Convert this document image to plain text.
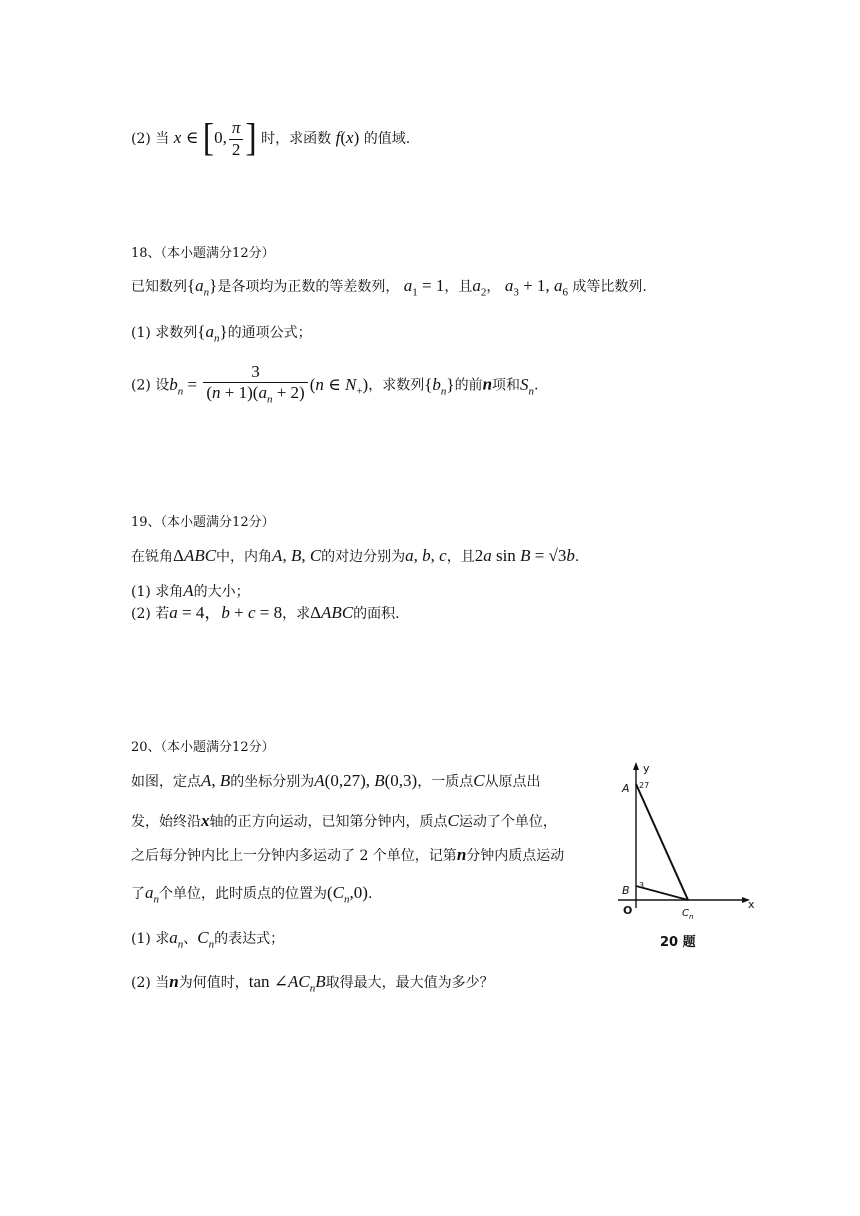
(2) 当 x ∈ [0, $\frac{\pi}{2}$ ] 时，求函数 f(x) 的值域.
18、（本小题满分12分）
已知数列$\{a_n\}$是各项均为正数的等差数列， $a_1 = 1$，且$a_2$， $a_3 + 1$, $a_6$ 成等比数列.
(1) 求数列$\{a_n\}$的通项公式；
(2) 设$b_n = \frac{3}{(n + 1)(a_n + 2)} (n$ ∈ $N_+$)，求数列$\{b_n\}$的前n项和$S_n$.
19、（本小题满分12分）
在锐角ΔABC中，内角A, B, C的对边分别为a, b, c，且2a sin B = √3b.
(1) 求角A的大小；
(2) 若a = 4，b + c = 8，求ΔABC的面积.
20、（本小题满分12分）
如图，定点A, B的坐标分别为A(0,27), B(0,3)，一质点C从原点出
发，始终沿x轴的正方向运动，已知第分钟内，质点C运动了个单位，
之后每分钟内比上一分钟内多运动了 2 个单位，记第n分钟内质点运动
了$a_n$个单位，此时质点的位置为$(C_n,0)$.
(1) 求$a_n$、$C_n$的表达式；
(2) 当n为何值时，$\tan \angle AC_nB$取得最大，最大值为多少？
y
x
A 27
B 3
O	C n
20 题
